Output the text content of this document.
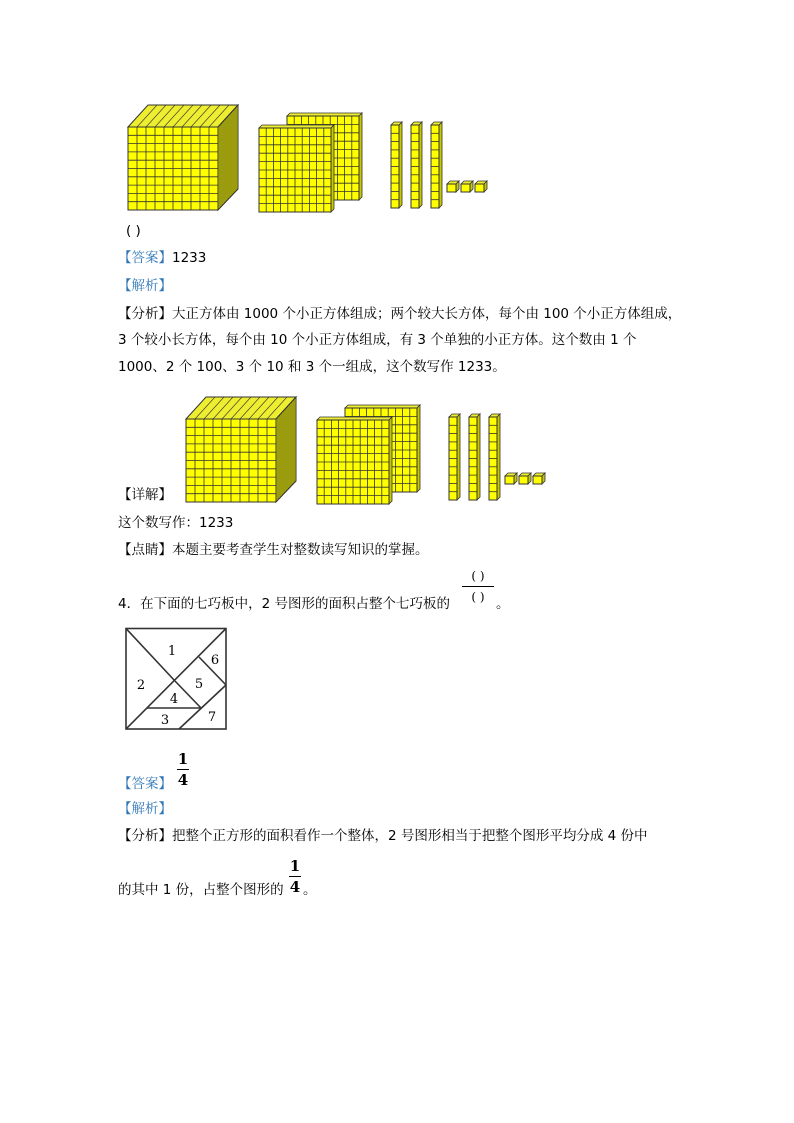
( )
【答案】1233
【解析】
【分析】大正方体由 1000 个小正方体组成；两个较大长方体，每个由 100 个小正方体组成，
3 个较小长方体，每个由 10 个小正方体组成，有 3 个单独的小正方体。这个数由 1 个
1000、2 个 100、3 个 10 和 3 个一组成，这个数写作 1233。
【详解】
这个数写作：1233
【点睛】本题主要考查学生对整数读写知识的掌握。
4．在下面的七巧板中，2 号图形的面积占整个七巧板的
( )
( ) 。
1
2
3
4
5
6
7
【答案】
1
4
【解析】
【分析】把整个正方形的面积看作一个整体，2 号图形相当于把整个图形平均分成 4 份中
的其中 1 份，占整个图形的
1
4 。
